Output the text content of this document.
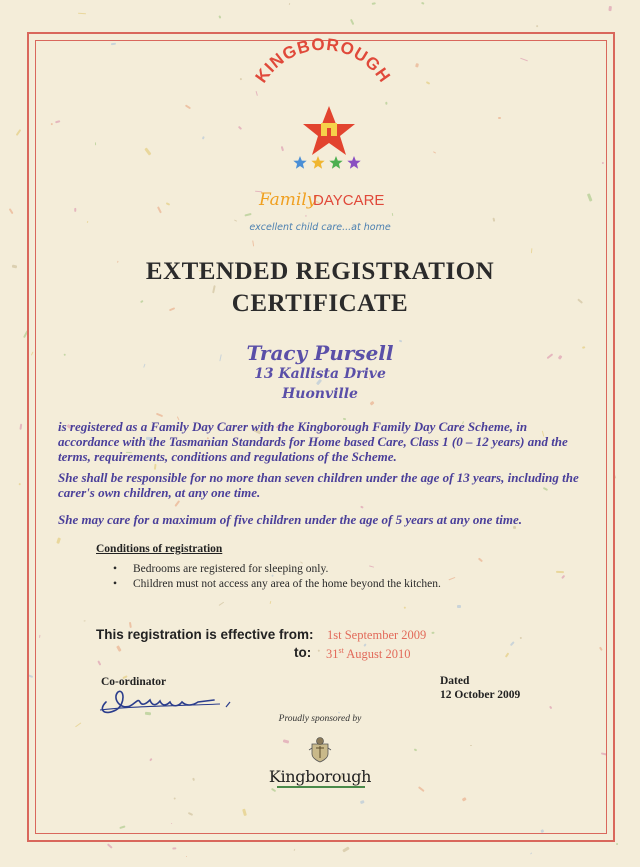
KINGBOROUGH
Family
DAYCARE
excellent child care...at home
EXTENDED REGISTRATION
CERTIFICATE
Tracy Pursell
13 Kallista Drive
Huonville
is registered as a Family Day Carer with the Kingborough Family Day Care Scheme, in accordance with the Tasmanian Standards for Home based Care, Class 1 (0 – 12 years) and the terms, requirements, conditions and regulations of the Scheme.
She shall be responsible for no more than seven children under the age of 13 years, including the carer's own children, at any one time.
She may care for a maximum of five children under the age of 5 years at any one time.
Conditions of registration
• Bedrooms are registered for sleeping only.
• Children must not access any area of the home beyond the kitchen.
This registration is effective from: 1st September 2009
to: 31st August 2010
Co-ordinator	Dated
12 October 2009
Proudly sponsored by
Kingborough
